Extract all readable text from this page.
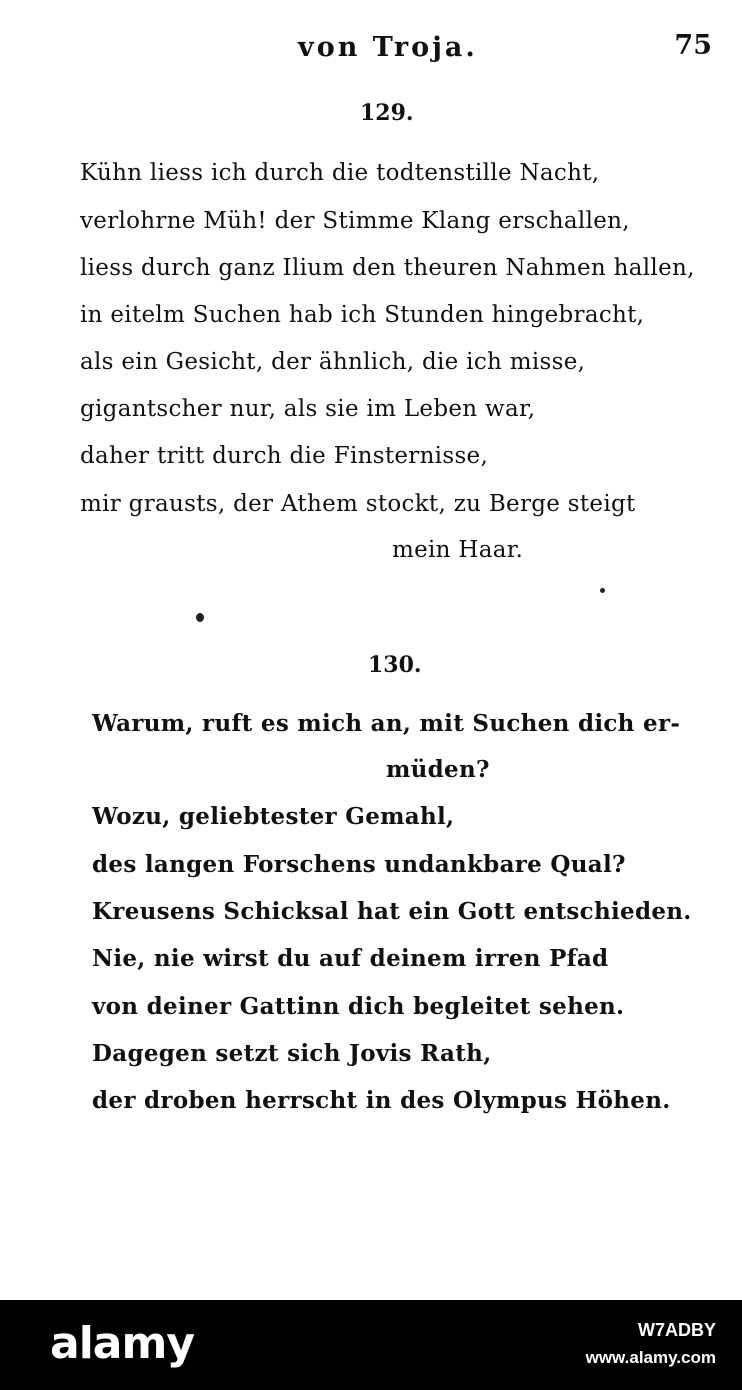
von Troja.	75
129.
Kühn liess ich durch die todtenstille Nacht,
verlohrne Müh! der Stimme Klang erschallen,
liess durch ganz Ilium den theuren Nahmen hallen,
in eitelm Suchen hab ich Stunden hingebracht,
als ein Gesicht, der ähnlich, die ich misse,
gigantscher nur, als sie im Leben war,
daher tritt durch die Finsternisse,
mir grausts, der Athem stockt, zu Berge steigt
mein Haar.
130.
Warum, ruft es mich an, mit Suchen dich er-
müden?
Wozu, geliebtester Gemahl,
des langen Forschens undankbare Qual?
Kreusens Schicksal hat ein Gott entschieden.
Nie, nie wirst du auf deinem irren Pfad
von deiner Gattinn dich begleitet sehen.
Dagegen setzt sich Jovis Rath,
der droben herrscht in des Olympus Höhen.
alamy	W7ADBY
www.alamy.com
